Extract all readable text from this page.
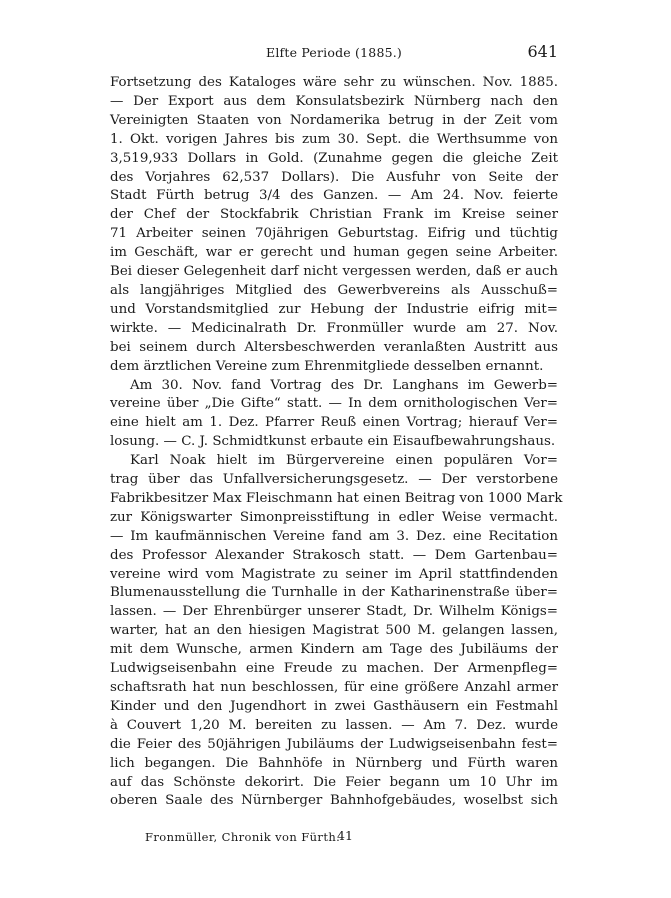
Elfte Periode (1885.)	641
Fortsetzung des Kataloges wäre sehr zu wünschen. Nov. 1885.
— Der Export aus dem Konsulatsbezirk Nürnberg nach den
Vereinigten Staaten von Nordamerika betrug in der Zeit vom
1. Okt. vorigen Jahres bis zum 30. Sept. die Werthsumme von
3,519,933 Dollars in Gold. (Zunahme gegen die gleiche Zeit
des Vorjahres 62,537 Dollars). Die Ausfuhr von Seite der
Stadt Fürth betrug 3/4 des Ganzen. — Am 24. Nov. feierte
der Chef der Stockfabrik Christian Frank im Kreise seiner
71 Arbeiter seinen 70jährigen Geburtstag. Eifrig und tüchtig
im Geschäft, war er gerecht und human gegen seine Arbeiter.
Bei dieser Gelegenheit darf nicht vergessen werden, daß er auch
als langjähriges Mitglied des Gewerbvereins als Ausschuß=
und Vorstandsmitglied zur Hebung der Industrie eifrig mit=
wirkte. — Medicinalrath Dr. Fronmüller wurde am 27. Nov.
bei seinem durch Altersbeschwerden veranlaßten Austritt aus
dem ärztlichen Vereine zum Ehrenmitgliede desselben ernannt.
Am 30. Nov. fand Vortrag des Dr. Langhans im Gewerb=
vereine über „Die Gifte“ statt. — In dem ornithologischen Ver=
eine hielt am 1. Dez. Pfarrer Reuß einen Vortrag; hierauf Ver=
losung. — C. J. Schmidtkunst erbaute ein Eisaufbewahrungshaus.
Karl Noak hielt im Bürgervereine einen populären Vor=
trag über das Unfallversicherungsgesetz. — Der verstorbene
Fabrikbesitzer Max Fleischmann hat einen Beitrag von 1000 Mark
zur Königswarter Simonpreisstiftung in edler Weise vermacht.
— Im kaufmännischen Vereine fand am 3. Dez. eine Recitation
des Professor Alexander Strakosch statt. — Dem Gartenbau=
vereine wird vom Magistrate zu seiner im April stattfindenden
Blumenausstellung die Turnhalle in der Katharinenstraße über=
lassen. — Der Ehrenbürger unserer Stadt, Dr. Wilhelm Königs=
warter, hat an den hiesigen Magistrat 500 M. gelangen lassen,
mit dem Wunsche, armen Kindern am Tage des Jubiläums der
Ludwigseisenbahn eine Freude zu machen. Der Armenpfleg=
schaftsrath hat nun beschlossen, für eine größere Anzahl armer
Kinder und den Jugendhort in zwei Gasthäusern ein Festmahl
à Couvert 1,20 M. bereiten zu lassen. — Am 7. Dez. wurde
die Feier des 50jährigen Jubiläums der Ludwigseisenbahn fest=
lich begangen. Die Bahnhöfe in Nürnberg und Fürth waren
auf das Schönste dekorirt. Die Feier begann um 10 Uhr im
oberen Saale des Nürnberger Bahnhofgebäudes, woselbst sich
Fronmüller, Chronik von Fürth.
41
